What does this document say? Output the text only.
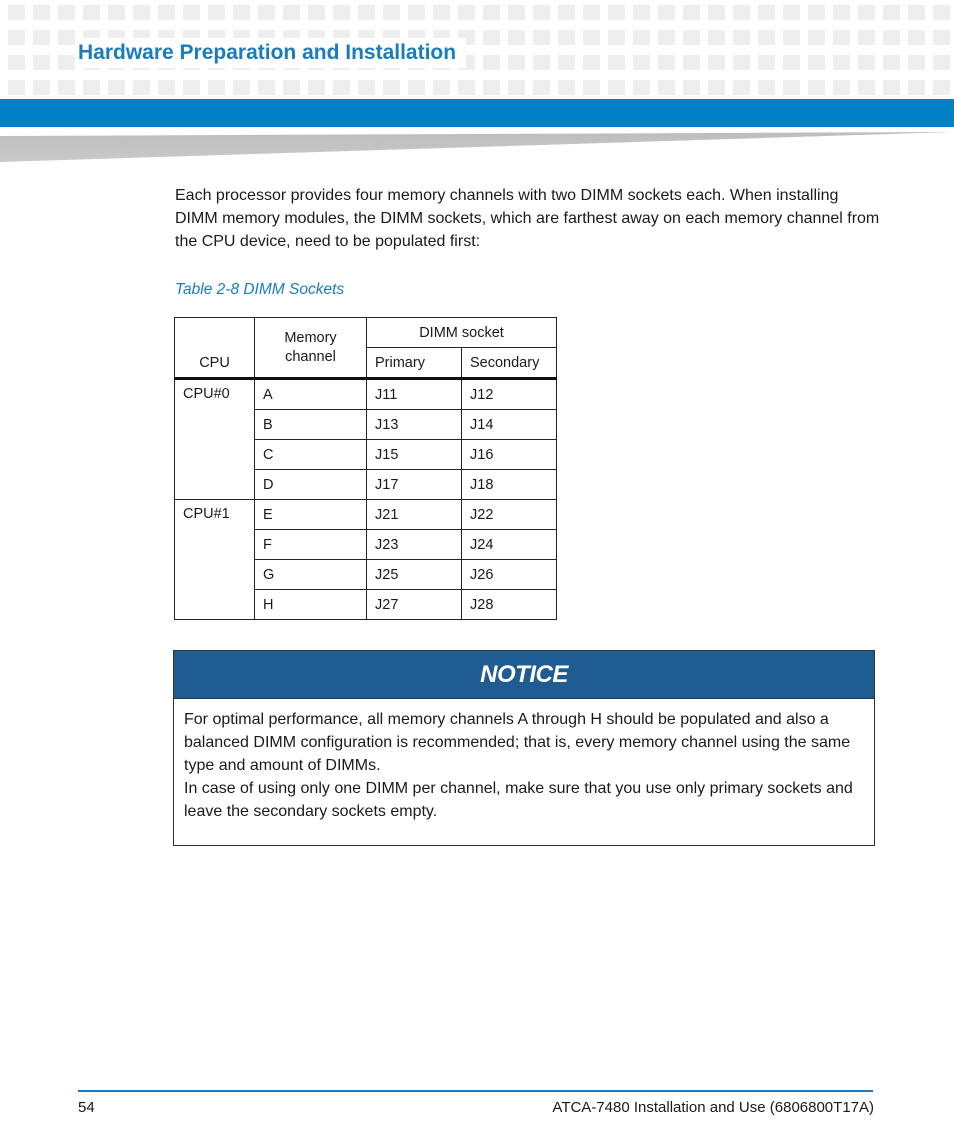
Hardware Preparation and Installation

Each processor provides four memory channels with two DIMM sockets each. When installing DIMM memory modules, the DIMM sockets, which are farthest away on each memory channel from the CPU device, need to be populated first:

Table 2-8 DIMM Sockets

CPU	Memory channel	DIMM socket	
		Primary	Secondary
CPU#0	A	J11	J12
	B	J13	J14
	C	J15	J16
	D	J17	J18
CPU#1	E	J21	J22
	F	J23	J24
	G	J25	J26
	H	J27	J28
NOTICE

For optimal performance, all memory channels A through H should be populated and also a balanced DIMM configuration is recommended; that is, every memory channel using the same type and amount of DIMMs.

In case of using only one DIMM per channel, make sure that you use only primary sockets and leave the secondary sockets empty.

54	ATCA-7480 Installation and Use (6806800T17A)
